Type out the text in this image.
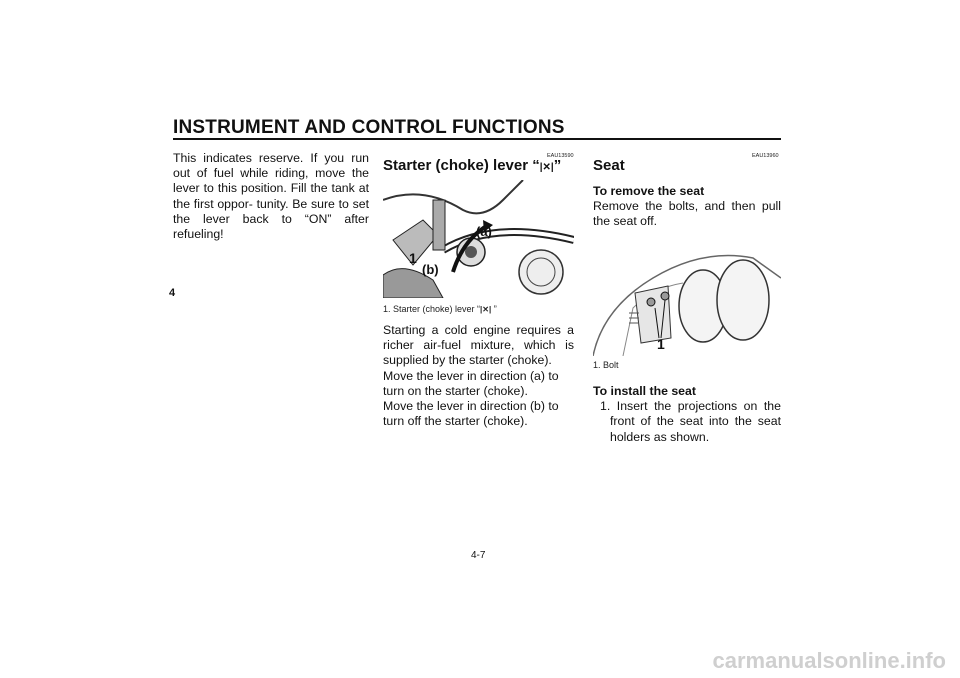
INSTRUMENT AND CONTROL FUNCTIONS
4

This indicates reserve. If you run out of fuel while riding, move the lever to this position. Fill the tank at the first oppor- tunity. Be sure to set the lever back to “ON” after refueling!

EAU13590
Starter (choke) lever “|✕|”
(a)
(b)
1
1. Starter (choke) lever “|✕| ”

Starting a cold engine requires a richer air-fuel mixture, which is supplied by the starter (choke).

Move the lever in direction (a) to turn on the starter (choke).

Move the lever in direction (b) to turn off the starter (choke).

EAU13960
Seat

To remove the seat

Remove the bolts, and then pull the seat off.

1
1. Bolt

To install the seat

1. Insert the projections on the front of the seat into the seat holders as shown.

4-7
carmanualsonline.info
